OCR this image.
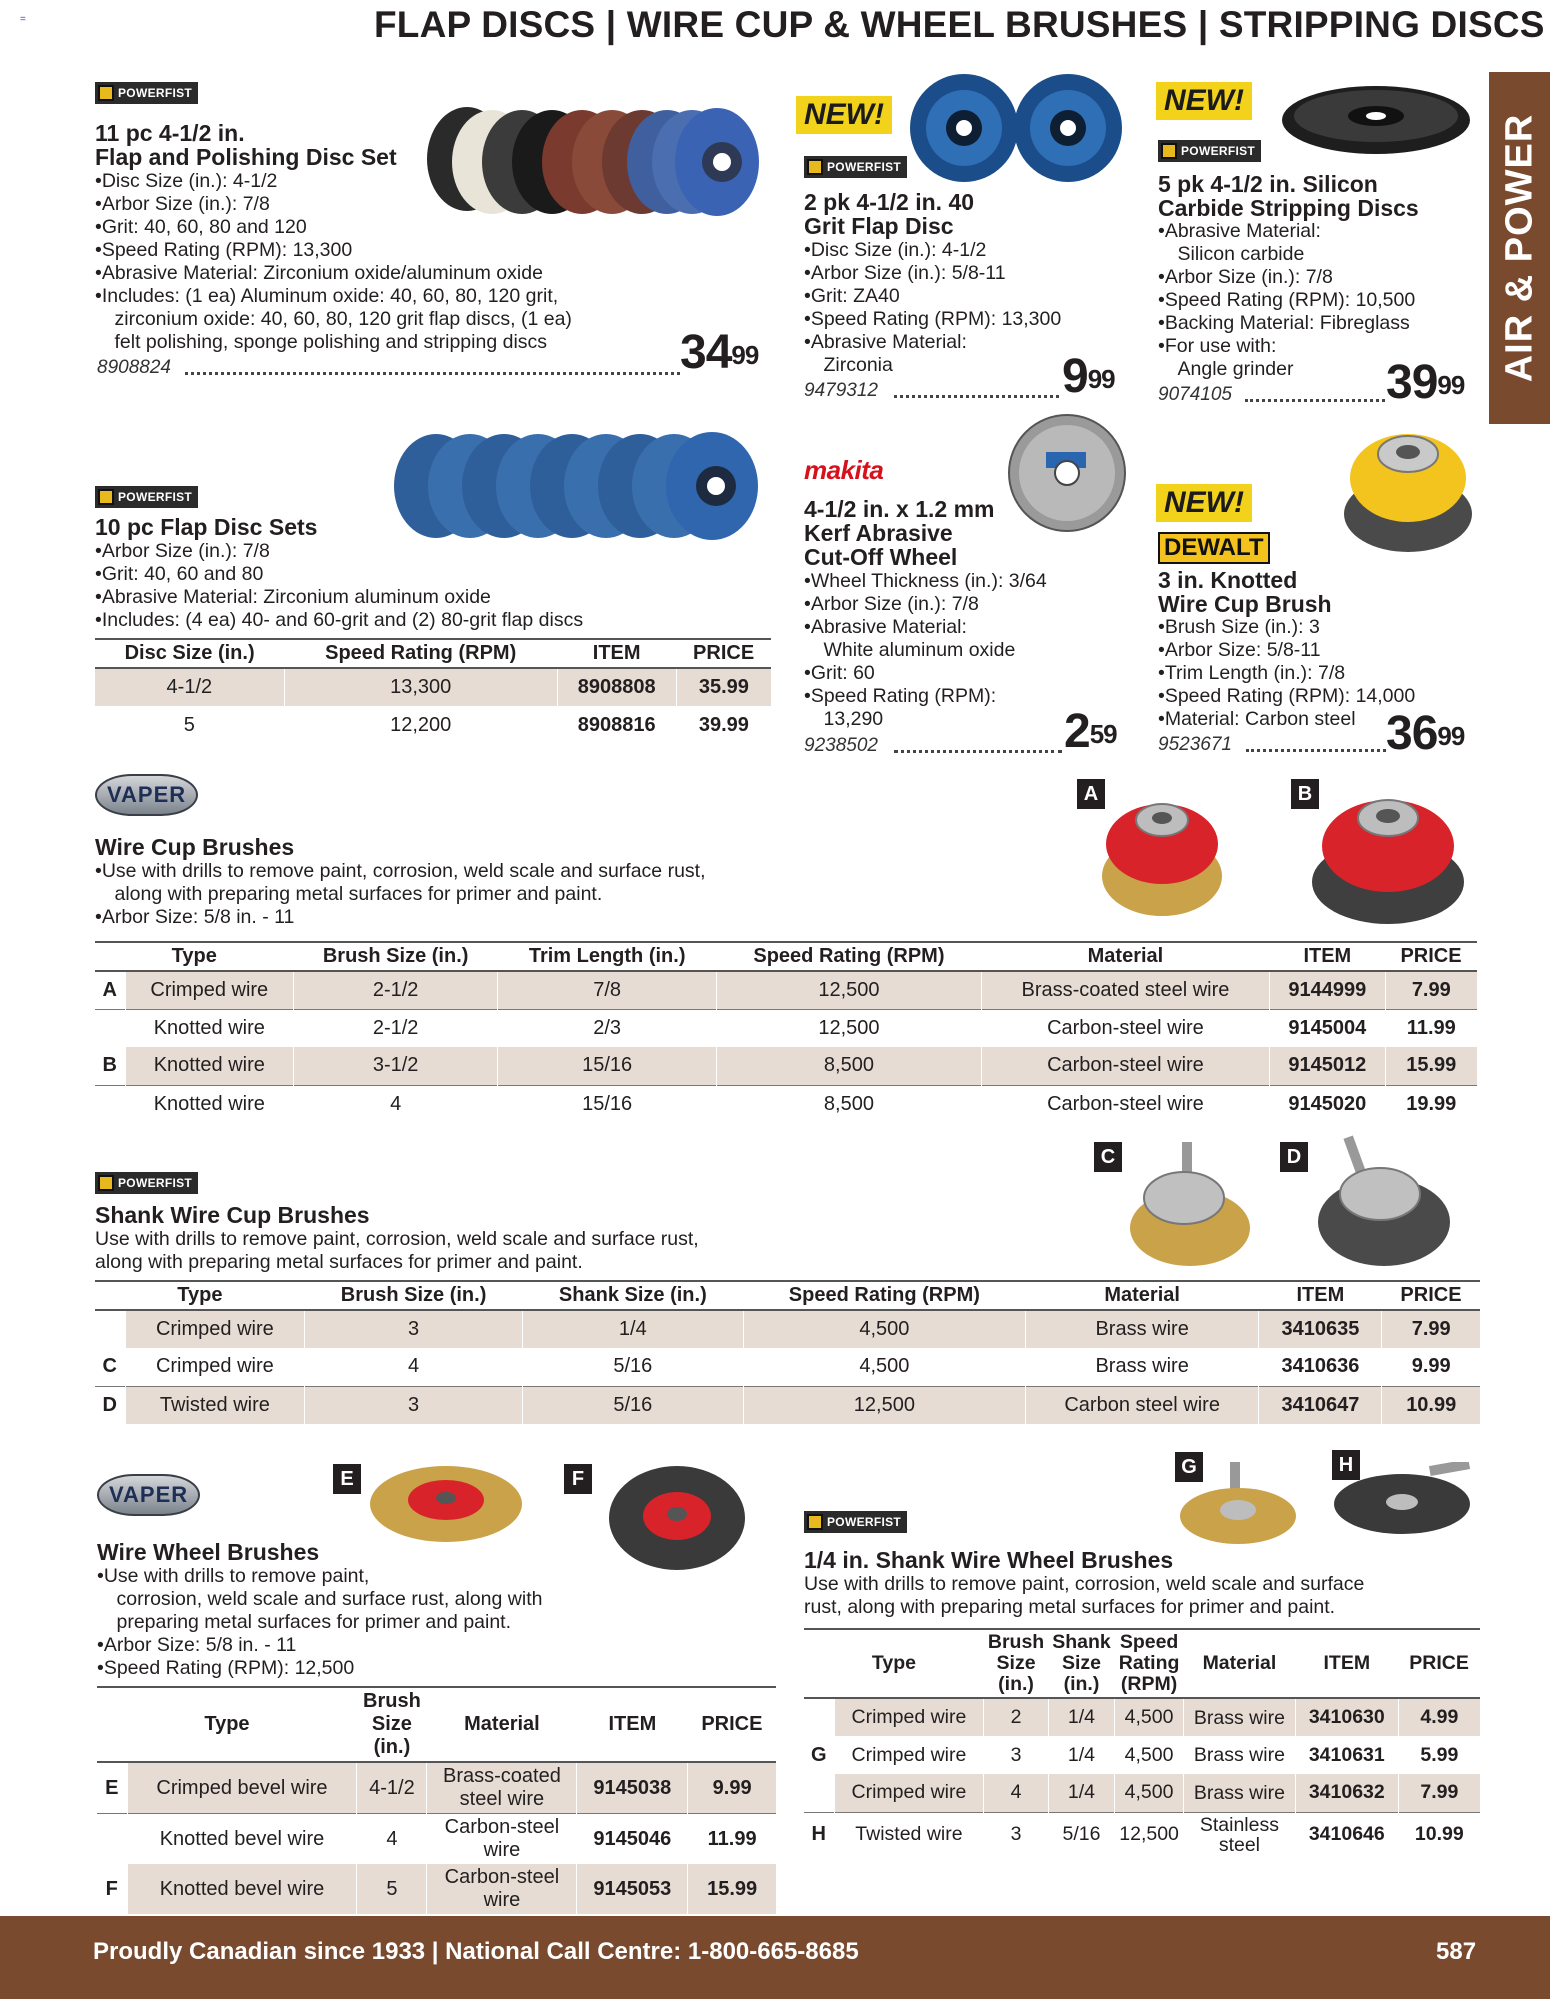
=	FLAP DISCS | WIRE CUP & WHEEL BRUSHES | STRIPPING DISCS
AIR & POWER
POWERFIST
11 pc 4-1/2 in.
Flap and Polishing Disc Set
•Disc Size (in.): 4-1/2
•Arbor Size (in.): 7/8
•Grit: 40, 60, 80 and 120
•Speed Rating (RPM): 13,300
•Abrasive Material: Zirconium oxide/aluminum oxide
•Includes: (1 ea) Aluminum oxide: 40, 60, 80, 120 grit,
  zirconium oxide: 40, 60, 80, 120 grit flap discs, (1 ea)
  felt polishing, sponge polishing and stripping discs
8908824	$34^{99}$
NEW!
POWERFIST
2 pk 4-1/2 in. 40
Grit Flap Disc
•Disc Size (in.): 4-1/2
•Arbor Size (in.): 5/8-11
•Grit: ZA40
•Speed Rating (RPM): 13,300
•Abrasive Material:
  Zirconia
9479312	$9^{99}$
NEW!
POWERFIST
5 pk 4-1/2 in. Silicon
Carbide Stripping Discs
•Abrasive Material:
  Silicon carbide
•Arbor Size (in.): 7/8
•Speed Rating (RPM): 10,500
•Backing Material: Fibreglass
•For use with:
  Angle grinder
9074105	$39^{99}$
POWERFIST
10 pc Flap Disc Sets
•Arbor Size (in.): 7/8
•Grit: 40, 60 and 80
•Abrasive Material: Zirconium aluminum oxide
•Includes: (4 ea) 40- and 60-grit and (2) 80-grit flap discs
Disc Size (in.)	Speed Rating (RPM)	ITEM	PRICE
4-1/2	13,300	8908808	35.99
5	12,200	8908816	39.99
makita
4-1/2 in. x 1.2 mm
Kerf Abrasive
Cut-Off Wheel
•Wheel Thickness (in.): 3/64
•Arbor Size (in.): 7/8
•Abrasive Material:
  White aluminum oxide
•Grit: 60
•Speed Rating (RPM):
  13,290
9238502	$2^{59}$
NEW!
DEWALT
3 in. Knotted
Wire Cup Brush
•Brush Size (in.): 3
•Arbor Size: 5/8-11
•Trim Length (in.): 7/8
•Speed Rating (RPM): 14,000
•Material: Carbon steel
9523671	$36^{99}$
VAPER
Wire Cup Brushes
•Use with drills to remove paint, corrosion, weld scale and surface rust,
  along with preparing metal surfaces for primer and paint.
•Arbor Size: 5/8 in. - 11
A	B
Type		Brush Size (in.)	Trim Length (in.)	Speed Rating (RPM)	Material	ITEM	PRICE
A	Crimped wire	2-1/2	7/8	12,500	Brass-coated steel wire	9144999	7.99
	Knotted wire	2-1/2	2/3	12,500	Carbon-steel wire	9145004	11.99
B	Knotted wire	3-1/2	15/16	8,500	Carbon-steel wire	9145012	15.99
	Knotted wire	4	15/16	8,500	Carbon-steel wire	9145020	19.99
POWERFIST
Shank Wire Cup Brushes
Use with drills to remove paint, corrosion, weld scale and surface rust,
along with preparing metal surfaces for primer and paint.
C	D
Type		Brush Size (in.)	Shank Size (in.)	Speed Rating (RPM)	Material	ITEM	PRICE
	Crimped wire	3	1/4	4,500	Brass wire	3410635	7.99
C	Crimped wire	4	5/16	4,500	Brass wire	3410636	9.99
D	Twisted wire	3	5/16	12,500	Carbon steel wire	3410647	10.99
VAPER
E	F
Wire Wheel Brushes
•Use with drills to remove paint,
  corrosion, weld scale and surface rust, along with
  preparing metal surfaces for primer and paint.
•Arbor Size: 5/8 in. - 11
•Speed Rating (RPM): 12,500
Type		Brush Size (in.)	Material	ITEM	PRICE
E	Crimped bevel wire	4-1/2	Brass-coated steel wire	9145038	9.99
	Knotted bevel wire	4	Carbon-steel wire	9145046	11.99
F	Knotted bevel wire	5	Carbon-steel wire	9145053	15.99
G	H
POWERFIST
1/4 in. Shank Wire Wheel Brushes
Use with drills to remove paint, corrosion, weld scale and surface
rust, along with preparing metal surfaces for primer and paint.
Type		Brush Size (in.)	Shank Size (in.)	Speed Rating (RPM)	Material	ITEM	PRICE
	Crimped wire	2	1/4	4,500	Brass wire	3410630	4.99
G	Crimped wire	3	1/4	4,500	Brass wire	3410631	5.99
	Crimped wire	4	1/4	4,500	Brass wire	3410632	7.99
H	Twisted wire	3	5/16	12,500	Stainless steel	3410646	10.99
Proudly Canadian since 1933 | National Call Centre: 1-800-665-8685	587
